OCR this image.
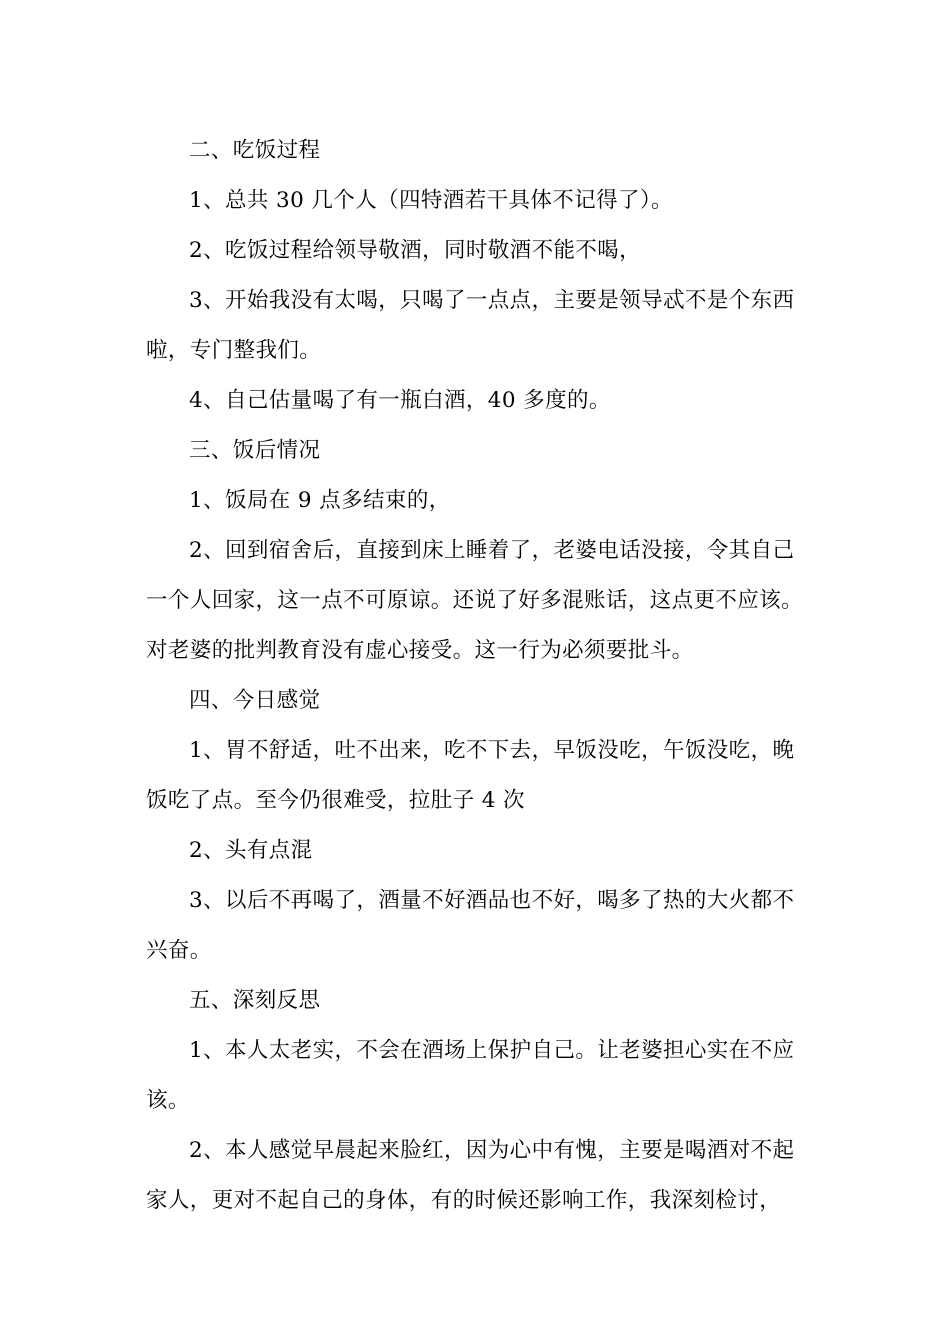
二、吃饭过程

1、总共 30 几个人（四特酒若干具体不记得了）。

2、吃饭过程给领导敬酒，同时敬酒不能不喝，

3、开始我没有太喝，只喝了一点点，主要是领导忒不是个东西啦，专门整我们。

4、自己估量喝了有一瓶白酒，40 多度的。

三、饭后情况

1、饭局在 9 点多结束的，

2、回到宿舍后，直接到床上睡着了，老婆电话没接，令其自己一个人回家，这一点不可原谅。还说了好多混账话，这点更不应该。对老婆的批判教育没有虚心接受。这一行为必须要批斗。

四、今日感觉

1、胃不舒适，吐不出来，吃不下去，早饭没吃，午饭没吃，晚饭吃了点。至今仍很难受，拉肚子 4 次

2、头有点混

3、以后不再喝了，酒量不好酒品也不好，喝多了热的大火都不兴奋。

五、深刻反思

1、本人太老实，不会在酒场上保护自己。让老婆担心实在不应该。

2、本人感觉早晨起来脸红，因为心中有愧，主要是喝酒对不起家人，更对不起自己的身体，有的时候还影响工作，我深刻检讨，
